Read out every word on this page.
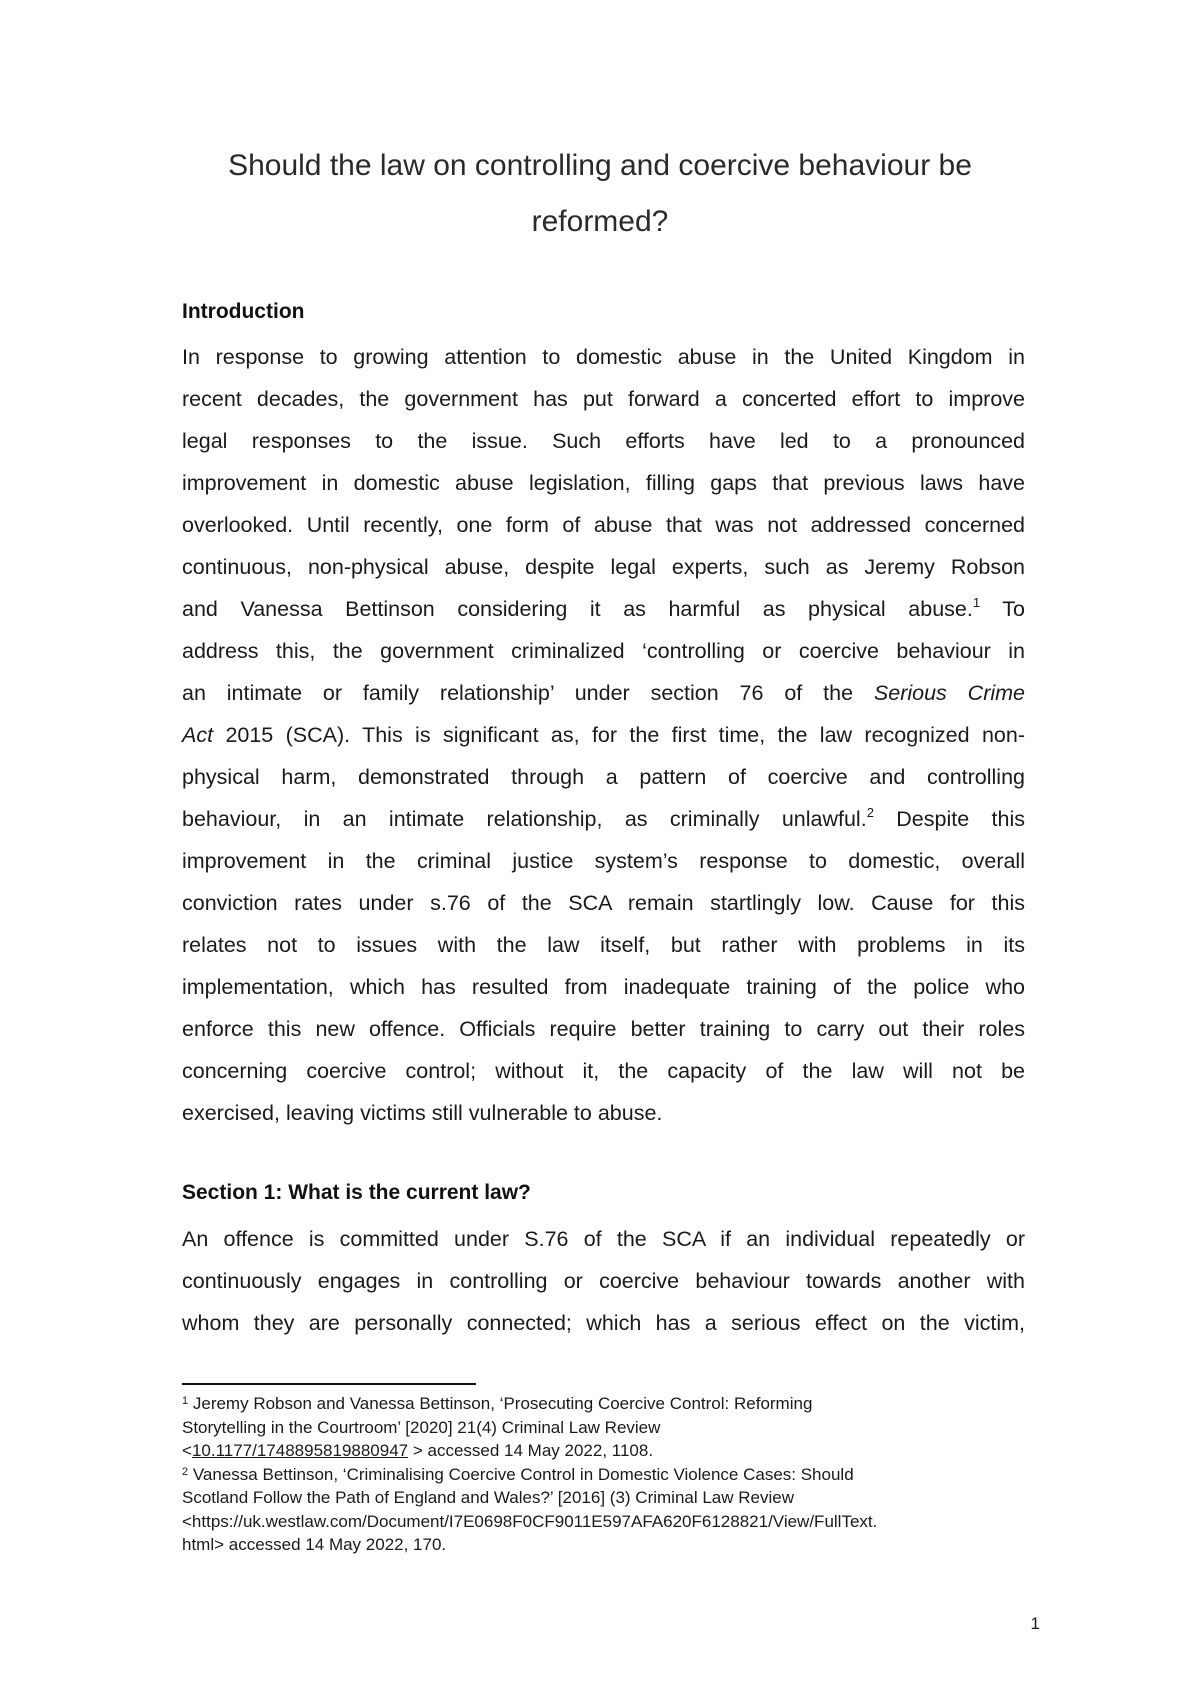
Should the law on controlling and coercive behaviour be
reformed?
Introduction
In response to growing attention to domestic abuse in the United Kingdom in
recent decades, the government has put forward a concerted effort to improve
legal responses to the issue. Such efforts have led to a pronounced
improvement in domestic abuse legislation, filling gaps that previous laws have
overlooked. Until recently, one form of abuse that was not addressed concerned
continuous, non-physical abuse, despite legal experts, such as Jeremy Robson
and Vanessa Bettinson considering it as harmful as physical abuse.$^1$ To
address this, the government criminalized ‘controlling or coercive behaviour in
an intimate or family relationship’ under section 76 of the Serious Crime
Act 2015 (SCA). This is significant as, for the first time, the law recognized non-
physical harm, demonstrated through a pattern of coercive and controlling
behaviour, in an intimate relationship, as criminally unlawful.$^2$ Despite this
improvement in the criminal justice system’s response to domestic, overall
conviction rates under s.76 of the SCA remain startlingly low. Cause for this
relates not to issues with the law itself, but rather with problems in its
implementation, which has resulted from inadequate training of the police who
enforce this new offence. Officials require better training to carry out their roles
concerning coercive control; without it, the capacity of the law will not be
exercised, leaving victims still vulnerable to abuse.
Section 1: What is the current law?
An offence is committed under S.76 of the SCA if an individual repeatedly or
continuously engages in controlling or coercive behaviour towards another with
whom they are personally connected; which has a serious effect on the victim,
$^1$ Jeremy Robson and Vanessa Bettinson, ‘Prosecuting Coercive Control: Reforming
Storytelling in the Courtroom’ [2020] 21(4) Criminal Law Review
<10.1177/1748895819880947 > accessed 14 May 2022, 1108.
$^2$ Vanessa Bettinson, ‘Criminalising Coercive Control in Domestic Violence Cases: Should
Scotland Follow the Path of England and Wales?’ [2016] (3) Criminal Law Review
<https://uk.westlaw.com/Document/I7E0698F0CF9011E597AFA620F6128821/View/FullText.
html> accessed 14 May 2022, 170.
1
